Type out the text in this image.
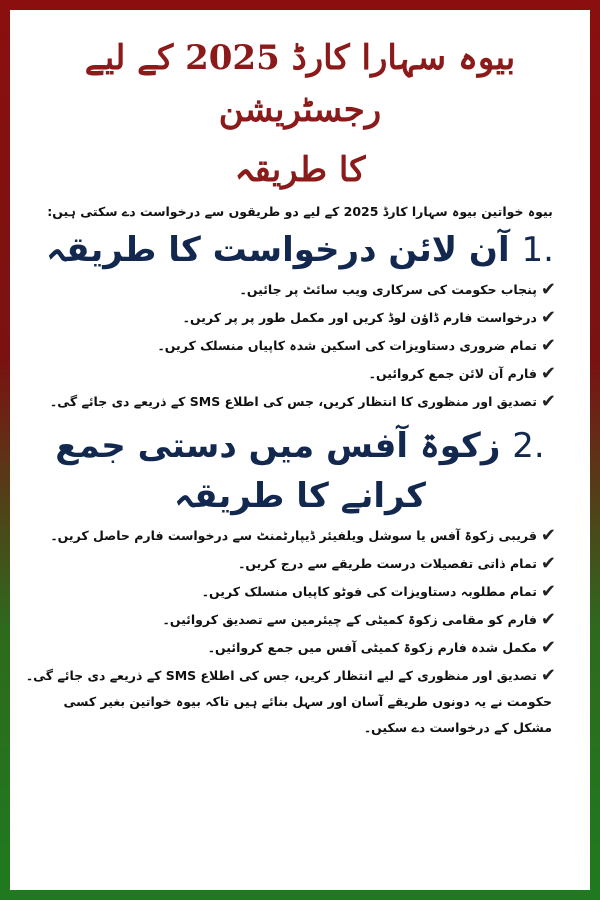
بیوہ سہارا کارڈ 2025 کے لیے رجسٹریشن
کا طریقہ
بیوہ خواتین بیوہ سہارا کارڈ 2025 کے لیے دو طریقوں سے درخواست دے سکتی ہیں:
1. آن لائن درخواست کا طریقہ
✔
پنجاب حکومت کی سرکاری ویب سائٹ پر جائیں۔
✔
درخواست فارم ڈاؤن لوڈ کریں اور مکمل طور پر پر کریں۔
✔
تمام ضروری دستاویزات کی اسکین شدہ کاپیاں منسلک کریں۔
✔
فارم آن لائن جمع کروائیں۔
✔
تصدیق اور منظوری کا انتظار کریں، جس کی اطلاع SMS کے ذریعے دی جائے گی۔
2. زکوۃ آفس میں دستی جمع
کرانے کا طریقہ
✔
قریبی زکوۃ آفس یا سوشل ویلفیئر ڈیپارٹمنٹ سے درخواست فارم حاصل کریں۔
✔
تمام ذاتی تفصیلات درست طریقے سے درج کریں۔
✔
تمام مطلوبہ دستاویزات کی فوٹو کاپیاں منسلک کریں۔
✔
فارم کو مقامی زکوۃ کمیٹی کے چیئرمین سے تصدیق کروائیں۔
✔
مکمل شدہ فارم زکوۃ کمیٹی آفس میں جمع کروائیں۔
✔
تصدیق اور منظوری کے لیے انتظار کریں، جس کی اطلاع SMS کے ذریعے دی جائے گی۔
حکومت نے یہ دونوں طریقے آسان اور سہل بنائے ہیں تاکہ بیوہ خواتین بغیر کسی مشکل کے درخواست دے سکیں۔
